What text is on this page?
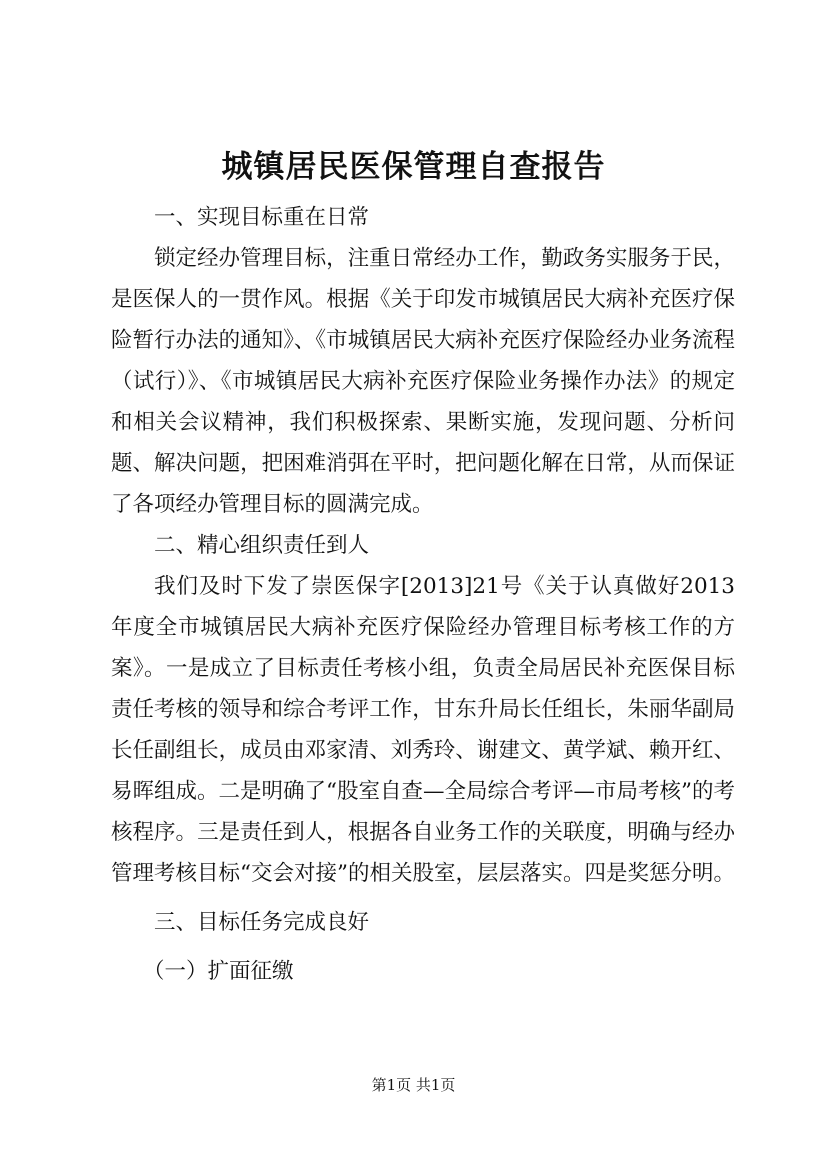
城镇居民医保管理自查报告

一、实现目标重在日常

锁定经办管理目标，注重日常经办工作，勤政务实服务于民，是医保人的一贯作风。根据《关于印发市城镇居民大病补充医疗保险暂行办法的通知》、《市城镇居民大病补充医疗保险经办业务流程（试行）》、《市城镇居民大病补充医疗保险业务操作办法》的规定和相关会议精神，我们积极探索、果断实施，发现问题、分析问题、解决问题，把困难消弭在平时，把问题化解在日常，从而保证了各项经办管理目标的圆满完成。

二、精心组织责任到人

我们及时下发了崇医保字[2013]21号《关于认真做好2013年度全市城镇居民大病补充医疗保险经办管理目标考核工作的方案》。一是成立了目标责任考核小组，负责全局居民补充医保目标责任考核的领导和综合考评工作，甘东升局长任组长，朱丽华副局长任副组长，成员由邓家清、刘秀玲、谢建文、黄学斌、赖开红、易晖组成。二是明确了“股室自查—全局综合考评—市局考核”的考核程序。三是责任到人，根据各自业务工作的关联度，明确与经办管理考核目标“交会对接”的相关股室，层层落实。四是奖惩分明。

三、目标任务完成良好

（一）扩面征缴

第1页 共1页
